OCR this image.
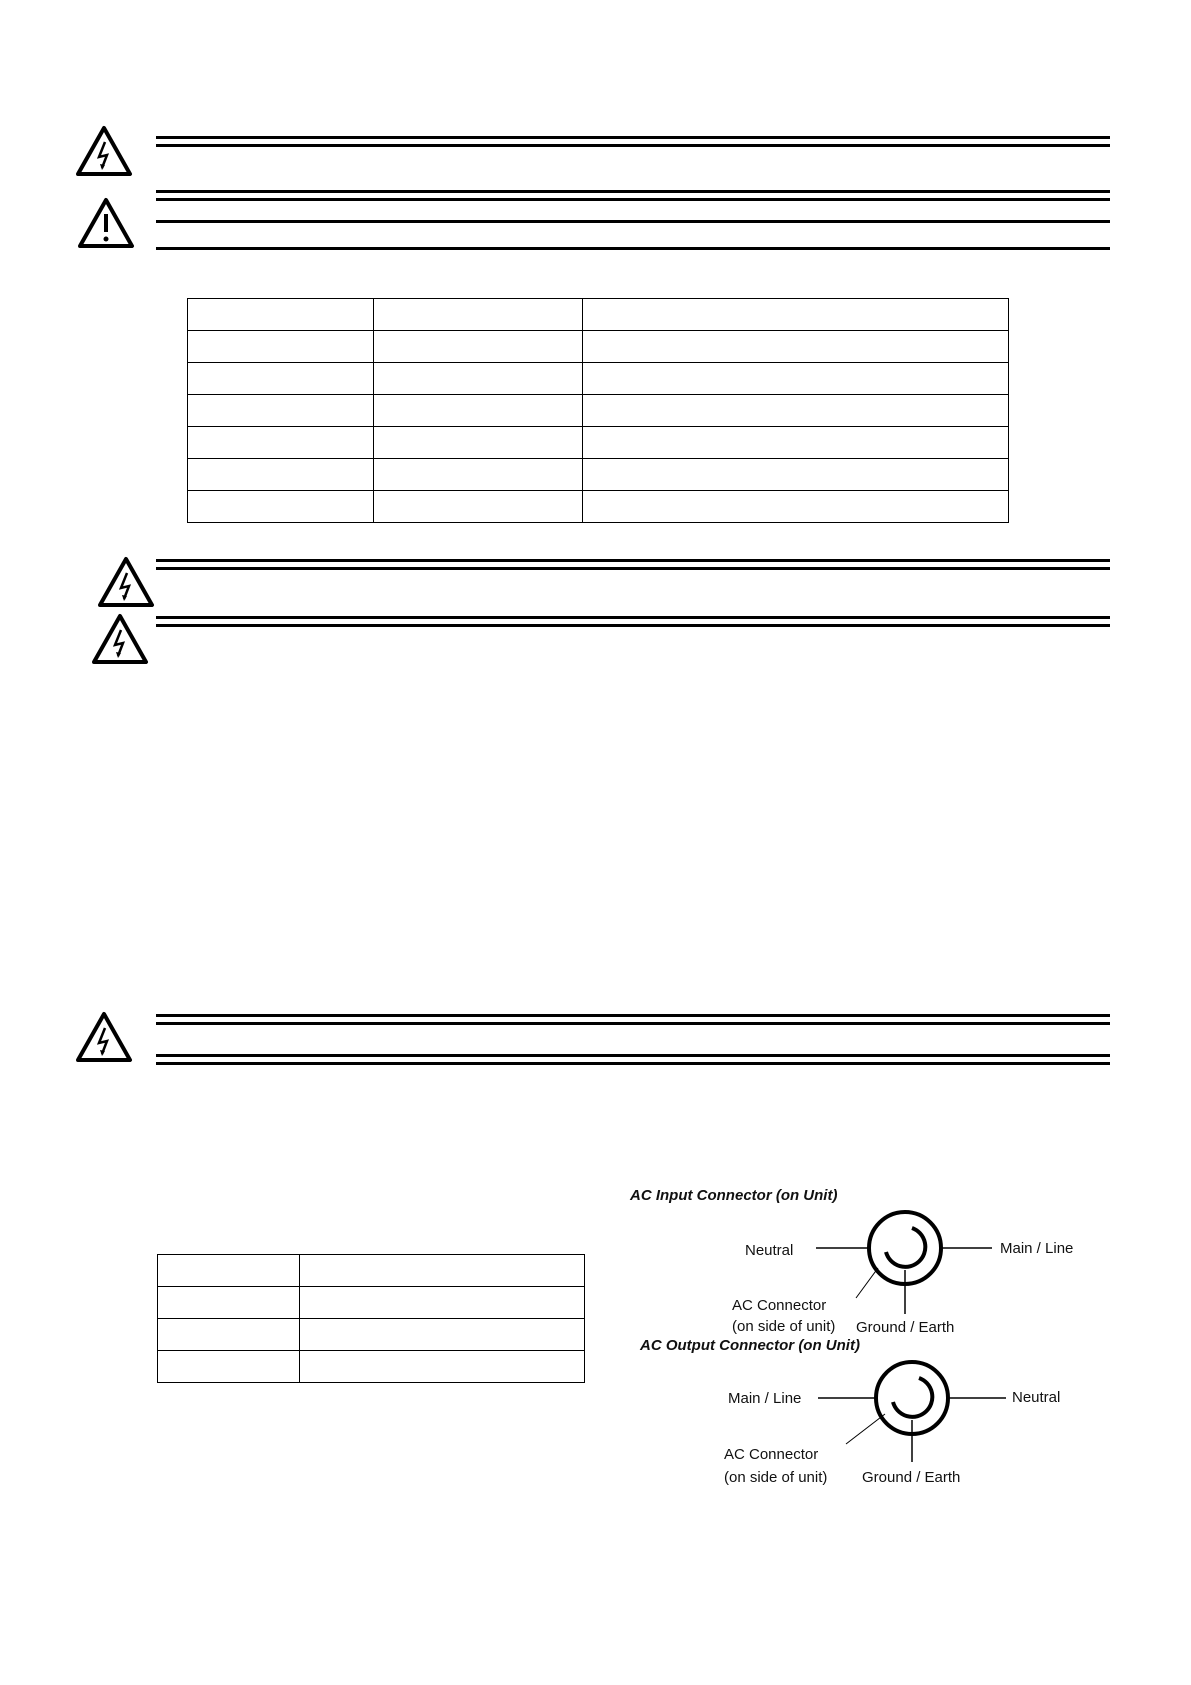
AC Input Connector (on Unit)
Neutral	Main / Line
Ground / Earth
AC Connector
(on side of unit)
AC Output Connector (on Unit)
Main / Line	Neutral
Ground / Earth
AC Connector
(on side of unit)
